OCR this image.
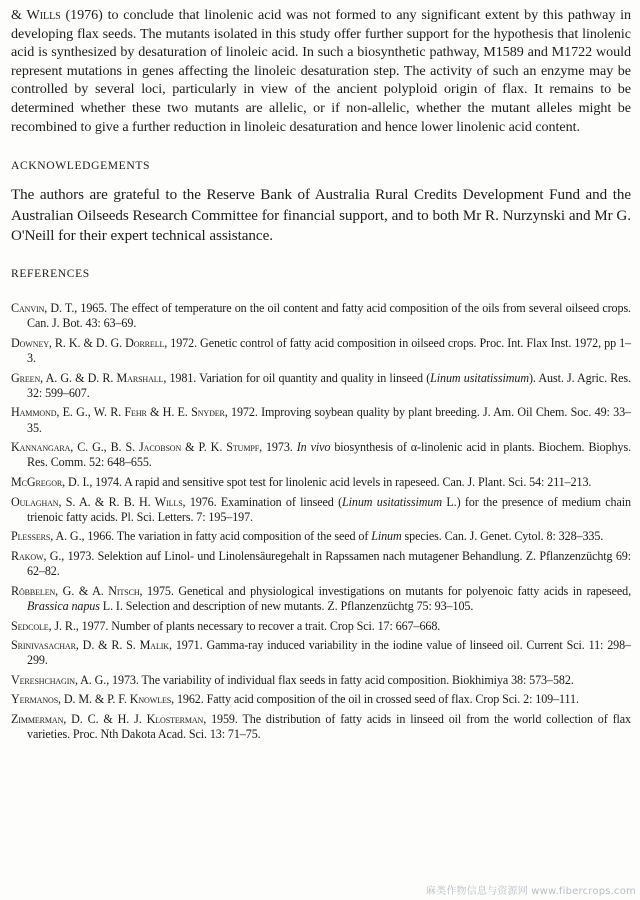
& Wills (1976) to conclude that linolenic acid was not formed to any significant extent by this pathway in developing flax seeds. The mutants isolated in this study offer further support for the hypothesis that linolenic acid is synthesized by desaturation of linoleic acid. In such a biosynthetic pathway, M1589 and M1722 would represent mutations in genes affecting the linoleic desaturation step. The activity of such an enzyme may be controlled by several loci, particularly in view of the ancient polyploid origin of flax. It remains to be determined whether these two mutants are allelic, or if non-allelic, whether the mutant alleles might be recombined to give a further reduction in linoleic desaturation and hence lower linolenic acid content.

ACKNOWLEDGEMENTS

The authors are grateful to the Reserve Bank of Australia Rural Credits Development Fund and the Australian Oilseeds Research Committee for financial support, and to both Mr R. Nurzynski and Mr G. O'Neill for their expert technical assistance.

REFERENCES
Canvin, D. T., 1965. The effect of temperature on the oil content and fatty acid composition of the oils from several oilseed crops. Can. J. Bot. 43: 63–69.
Downey, R. K. & D. G. Dorrell, 1972. Genetic control of fatty acid composition in oilseed crops. Proc. Int. Flax Inst. 1972, pp 1–3.
Green, A. G. & D. R. Marshall, 1981. Variation for oil quantity and quality in linseed (Linum usitatissimum). Aust. J. Agric. Res. 32: 599–607.
Hammond, E. G., W. R. Fehr & H. E. Snyder, 1972. Improving soybean quality by plant breeding. J. Am. Oil Chem. Soc. 49: 33–35.
Kannangara, C. G., B. S. Jacobson & P. K. Stumpf, 1973. In vivo biosynthesis of α-linolenic acid in plants. Biochem. Biophys. Res. Comm. 52: 648–655.
McGregor, D. I., 1974. A rapid and sensitive spot test for linolenic acid levels in rapeseed. Can. J. Plant. Sci. 54: 211–213.
Oulaghan, S. A. & R. B. H. Wills, 1976. Examination of linseed (Linum usitatissimum L.) for the presence of medium chain trienoic fatty acids. Pl. Sci. Letters. 7: 195–197.
Plessers, A. G., 1966. The variation in fatty acid composition of the seed of Linum species. Can. J. Genet. Cytol. 8: 328–335.
Rakow, G., 1973. Selektion auf Linol- und Linolensäuregehalt in Rapssamen nach mutagener Behandlung. Z. Pflanzenzüchtg 69: 62–82.
Röbbelen, G. & A. Nitsch, 1975. Genetical and physiological investigations on mutants for polyenoic fatty acids in rapeseed, Brassica napus L. I. Selection and description of new mutants. Z. Pflanzenzüchtg 75: 93–105.
Sedcole, J. R., 1977. Number of plants necessary to recover a trait. Crop Sci. 17: 667–668.
Srinivasachar, D. & R. S. Malik, 1971. Gamma-ray induced variability in the iodine value of linseed oil. Current Sci. 11: 298–299.
Vereshchagin, A. G., 1973. The variability of individual flax seeds in fatty acid composition. Biokhimiya 38: 573–582.
Yermanos, D. M. & P. F. Knowles, 1962. Fatty acid composition of the oil in crossed seed of flax. Crop Sci. 2: 109–111.
Zimmerman, D. C. & H. J. Klosterman, 1959. The distribution of fatty acids in linseed oil from the world collection of flax varieties. Proc. Nth Dakota Acad. Sci. 13: 71–75.
麻类作物信息与资源网 www.fibercrops.com
